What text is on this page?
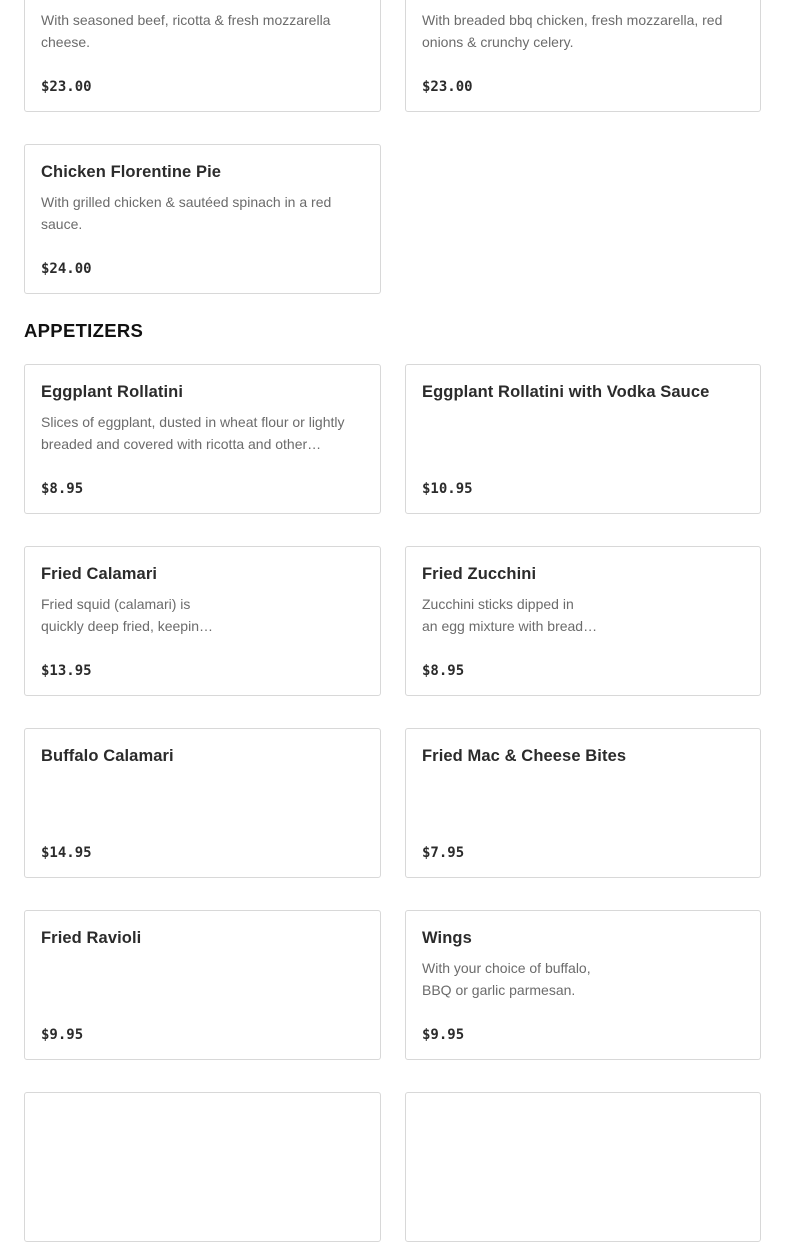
With seasoned beef, ricotta & fresh mozzarella cheese.
$23.00
With breaded bbq chicken, fresh mozzarella, red onions & crunchy celery.
$23.00
Chicken Florentine Pie
With grilled chicken & sautéed spinach in a red sauce.
$24.00
APPETIZERS
Eggplant Rollatini
Slices of eggplant, dusted in wheat flour or lightly breaded and covered with ricotta and other…
$8.95
Eggplant Rollatini with Vodka Sauce
$10.95
Fried Calamari
Fried squid (calamari) is
quickly deep fried, keepin…
$13.95
Fried Zucchini
Zucchini sticks dipped in
an egg mixture with bread…
$8.95
Buffalo Calamari
$14.95
Fried Mac & Cheese Bites
$7.95
Fried Ravioli
$9.95
Wings
With your choice of buffalo,
BBQ or garlic parmesan.
$9.95
